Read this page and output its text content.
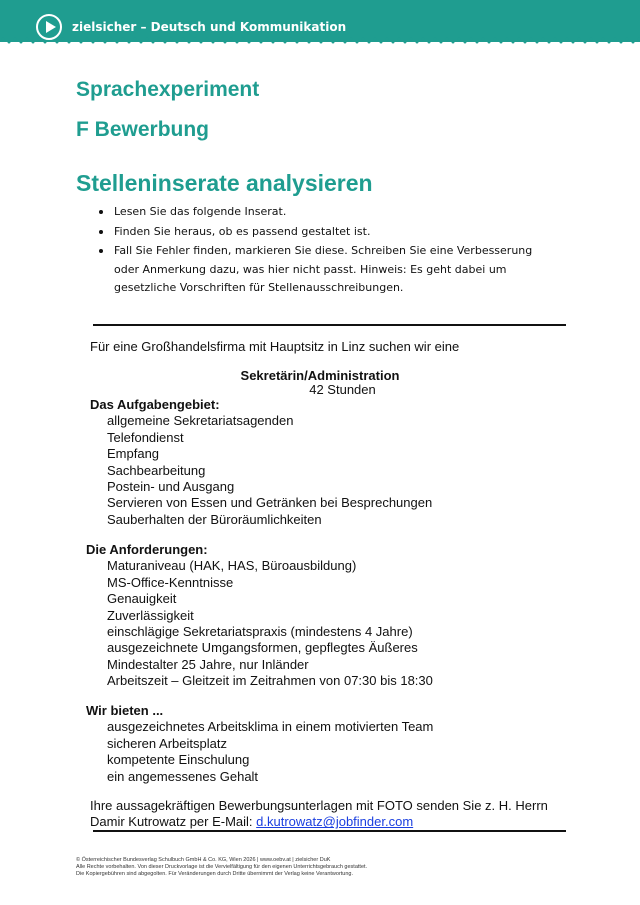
zielsicher – Deutsch und Kommunikation
Sprachexperiment
F Bewerbung
Stelleninserate analysieren
Lesen Sie das folgende Inserat.
Finden Sie heraus, ob es passend gestaltet ist.
Fall Sie Fehler finden, markieren Sie diese. Schreiben Sie eine Verbesserung oder Anmerkung dazu, was hier nicht passt. Hinweis: Es geht dabei um gesetzliche Vorschriften für Stellenausschreibungen.
Für eine Großhandelsfirma mit Hauptsitz in Linz suchen wir eine
Sekretärin/Administration
42 Stunden
Das Aufgabengebiet:
allgemeine Sekretariatsagenden
Telefondienst
Empfang
Sachbearbeitung
Postein- und Ausgang
Servieren von Essen und Getränken bei Besprechungen
Sauberhalten der Büroräumlichkeiten
Die Anforderungen:
Maturaniveau (HAK, HAS, Büroausbildung)
MS-Office-Kenntnisse
Genauigkeit
Zuverlässigkeit
einschlägige Sekretariatspraxis (mindestens 4 Jahre)
ausgezeichnete Umgangsformen, gepflegtes Äußeres
Mindestalter 25 Jahre, nur Inländer
Arbeitszeit – Gleitzeit im Zeitrahmen von 07:30 bis 18:30
Wir bieten ...
ausgezeichnetes Arbeitsklima in einem motivierten Team
sicheren Arbeitsplatz
kompetente Einschulung
ein angemessenes Gehalt
Ihre aussagekräftigen Bewerbungsunterlagen mit FOTO senden Sie z. H. Herrn
Damir Kutrowatz per E-Mail: d.kutrowatz@jobfinder.com
© Österreichischer Bundesverlag Schulbuch GmbH & Co. KG, Wien 2026 | www.oebv.at | zielsicher DuK
Alle Rechte vorbehalten. Von dieser Druckvorlage ist die Vervielfältigung für den eigenen Unterrichtsgebrauch gestattet.
Die Kopiergebühren sind abgegolten. Für Veränderungen durch Dritte übernimmt der Verlag keine Verantwortung.
